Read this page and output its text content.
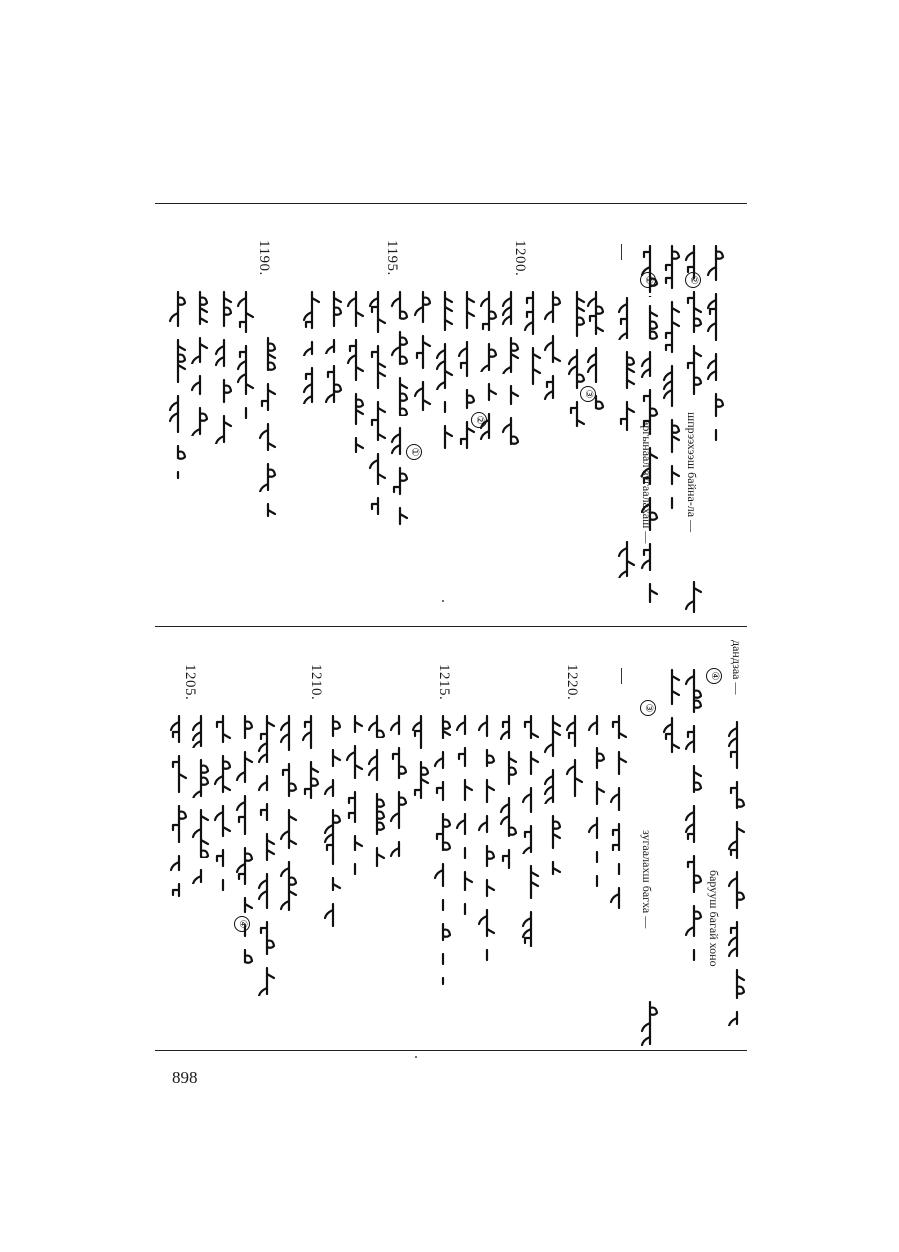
①
аргынаал зугаалахаш —
②
шпрээхээш байна-ла —
1200.
1195.
1190.
③
②
①
дандзаа —
④
барууш багай хоно
③
зугаалахш багха —
1220.
1215.
1210.
1205.
④
898
